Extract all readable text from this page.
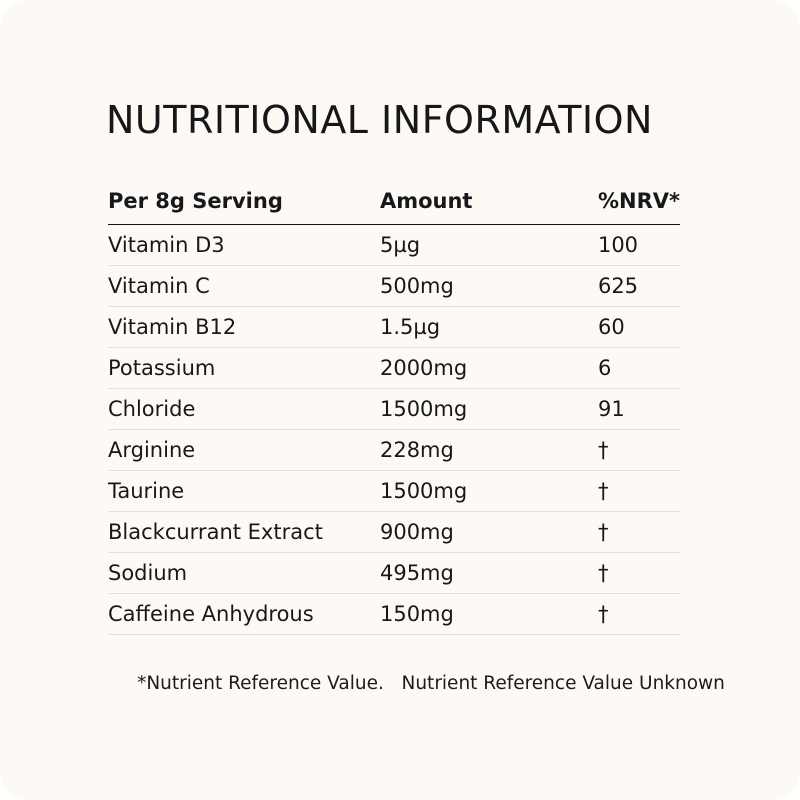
NUTRITIONAL INFORMATION
Per 8g Serving	Amount	%NRV*
Vitamin D3	5µg	100
Vitamin C	500mg	625
Vitamin B12	1.5µg	60
Potassium	2000mg	6
Chloride	1500mg	91
Arginine	228mg	†
Taurine	1500mg	†
Blackcurrant Extract	900mg	†
Sodium	495mg	†
Caffeine Anhydrous	150mg	†
*Nutrient Reference Value.   Nutrient Reference Value Unknown
